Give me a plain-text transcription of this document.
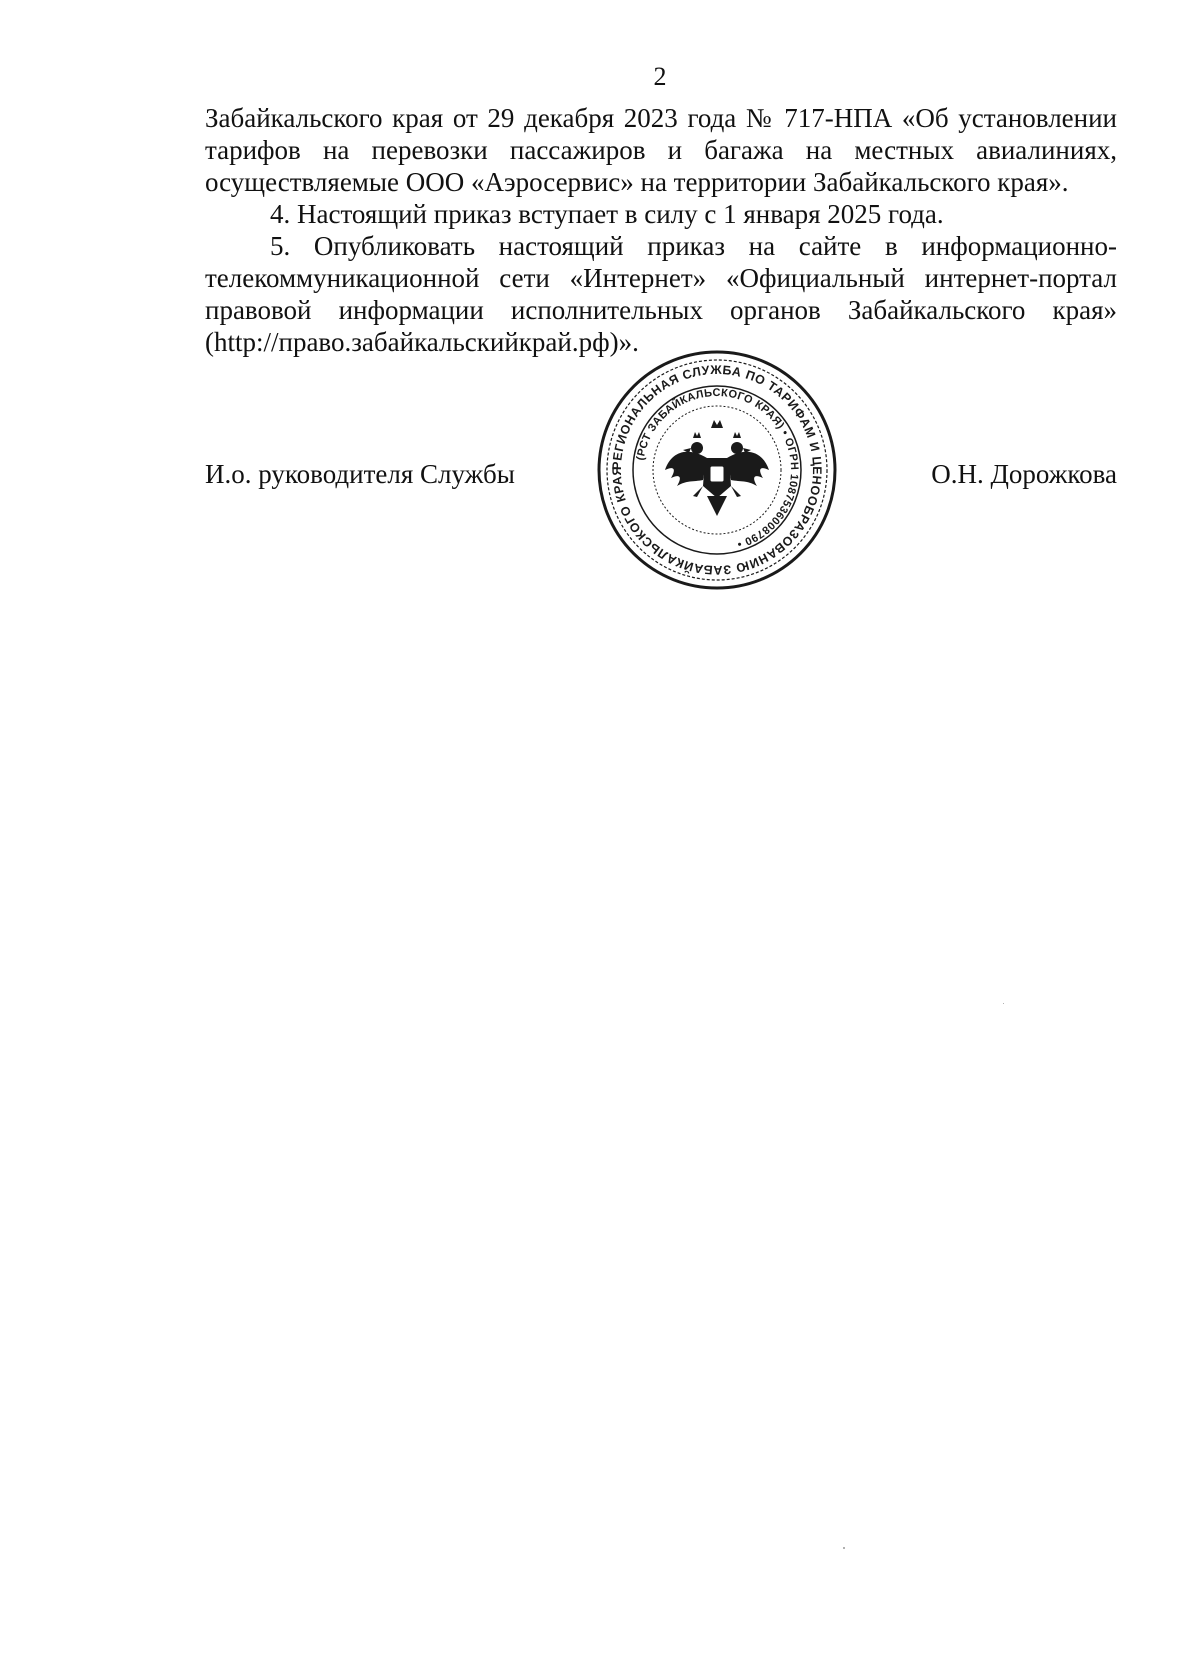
2

Забайкальского края от 29 декабря 2023 года № 717-НПА «Об установлении

тарифов на перевозки пассажиров и багажа на местных авиалиниях,

осуществляемые ООО «Аэросервис» на территории Забайкальского края».

4. Настоящий приказ вступает в силу с 1 января 2025 года.

5. Опубликовать настоящий приказ на сайте в информационно-

телекоммуникационной сети «Интернет» «Официальный интернет-портал

правовой информации исполнительных органов Забайкальского края»

(http://право.забайкальскийкрай.рф)».

И.о. руководителя Службы	О.Н. Дорожкова
РЕГИОНАЛЬНАЯ СЛУЖБА ПО ТАРИФАМ И ЦЕНООБРАЗОВАНИЮ ЗАБАЙКАЛЬСКОГО КРАЯ
(РСТ ЗАБАЙКАЛЬСКОГО КРАЯ) • ОГРН 1087536008790 •
